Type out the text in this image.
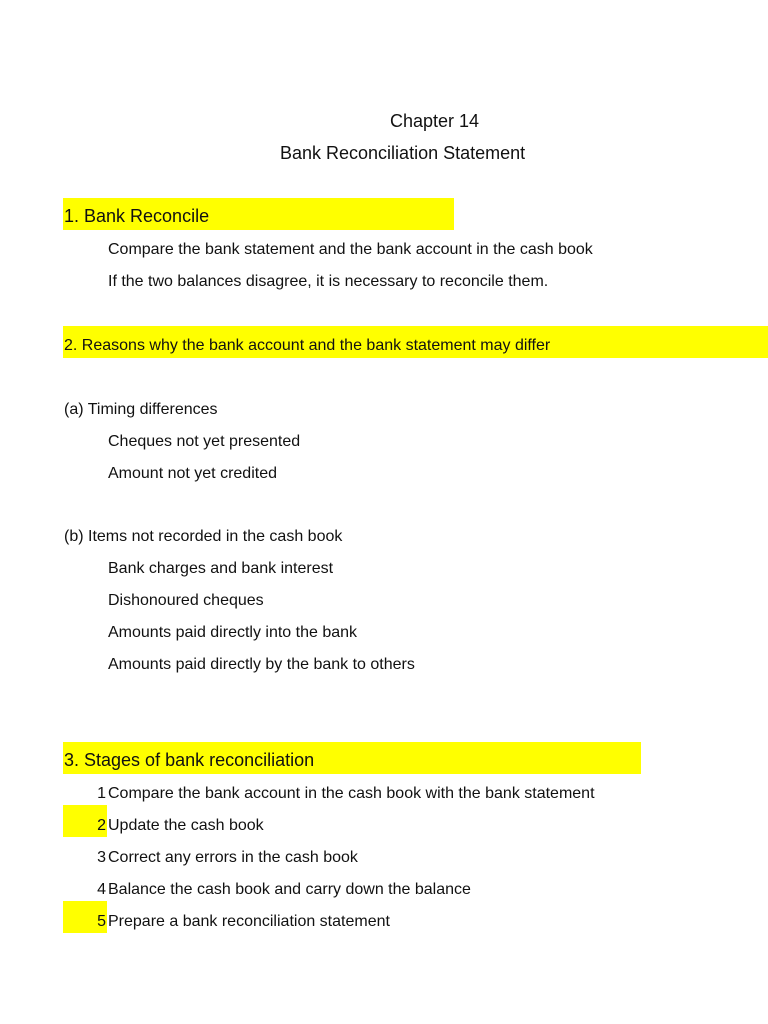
Chapter 14
Bank Reconciliation Statement
1. Bank Reconcile
Compare the bank statement and the bank account in the cash book
If the two balances disagree, it is necessary to reconcile them.
2. Reasons why the bank account and the bank statement may differ
(a) Timing differences
Cheques not yet presented
Amount not yet credited
(b) Items not recorded in the cash book
Bank charges and bank interest
Dishonoured cheques
Amounts paid directly into the bank
Amounts paid directly by the bank to others
3. Stages of bank reconciliation
1 Compare the bank account in the cash book with the bank statement
2 Update the cash book
3 Correct any errors in the cash book
4 Balance the cash book and carry down the balance
5 Prepare a bank reconciliation statement
